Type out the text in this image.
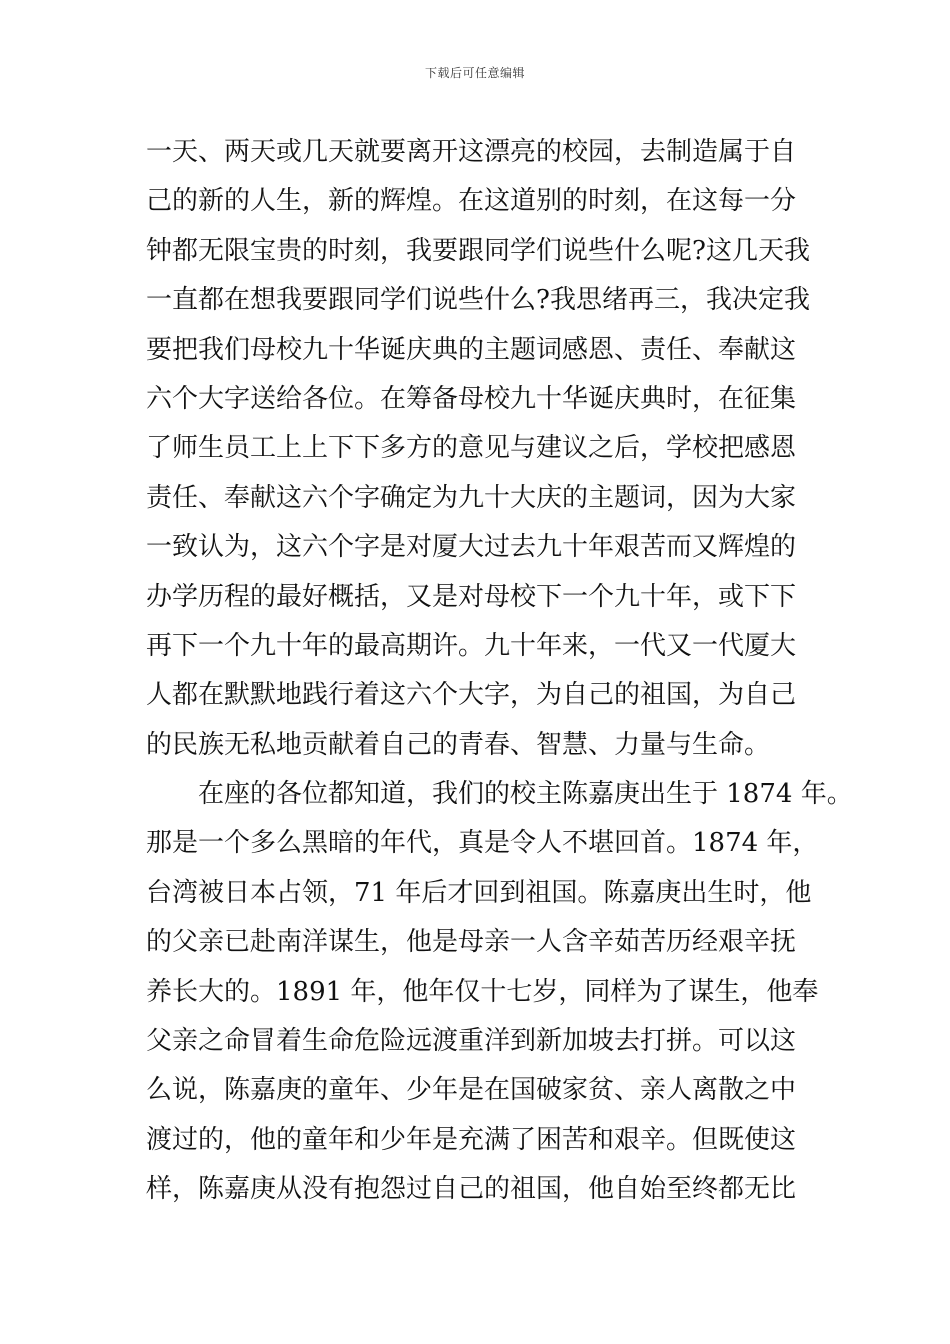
下载后可任意编辑
一天、两天或几天就要离开这漂亮的校园，去制造属于自
己的新的人生，新的辉煌。在这道别的时刻，在这每一分
钟都无限宝贵的时刻，我要跟同学们说些什么呢?这几天我
一直都在想我要跟同学们说些什么?我思绪再三，我决定我
要把我们母校九十华诞庆典的主题词感恩、责任、奉献这
六个大字送给各位。在筹备母校九十华诞庆典时，在征集
了师生员工上上下下多方的意见与建议之后，学校把感恩
责任、奉献这六个字确定为九十大庆的主题词，因为大家
一致认为，这六个字是对厦大过去九十年艰苦而又辉煌的
办学历程的最好概括，又是对母校下一个九十年，或下下
再下一个九十年的最高期许。九十年来，一代又一代厦大
人都在默默地践行着这六个大字，为自己的祖国，为自己
的民族无私地贡献着自己的青春、智慧、力量与生命。
在座的各位都知道，我们的校主陈嘉庚出生于 1874 年。
那是一个多么黑暗的年代，真是令人不堪回首。1874 年，
台湾被日本占领，71 年后才回到祖国。陈嘉庚出生时，他
的父亲已赴南洋谋生，他是母亲一人含辛茹苦历经艰辛抚
养长大的。1891 年，他年仅十七岁，同样为了谋生，他奉
父亲之命冒着生命危险远渡重洋到新加坡去打拼。可以这
么说，陈嘉庚的童年、少年是在国破家贫、亲人离散之中
渡过的，他的童年和少年是充满了困苦和艰辛。但既使这
样，陈嘉庚从没有抱怨过自己的祖国，他自始至终都无比
